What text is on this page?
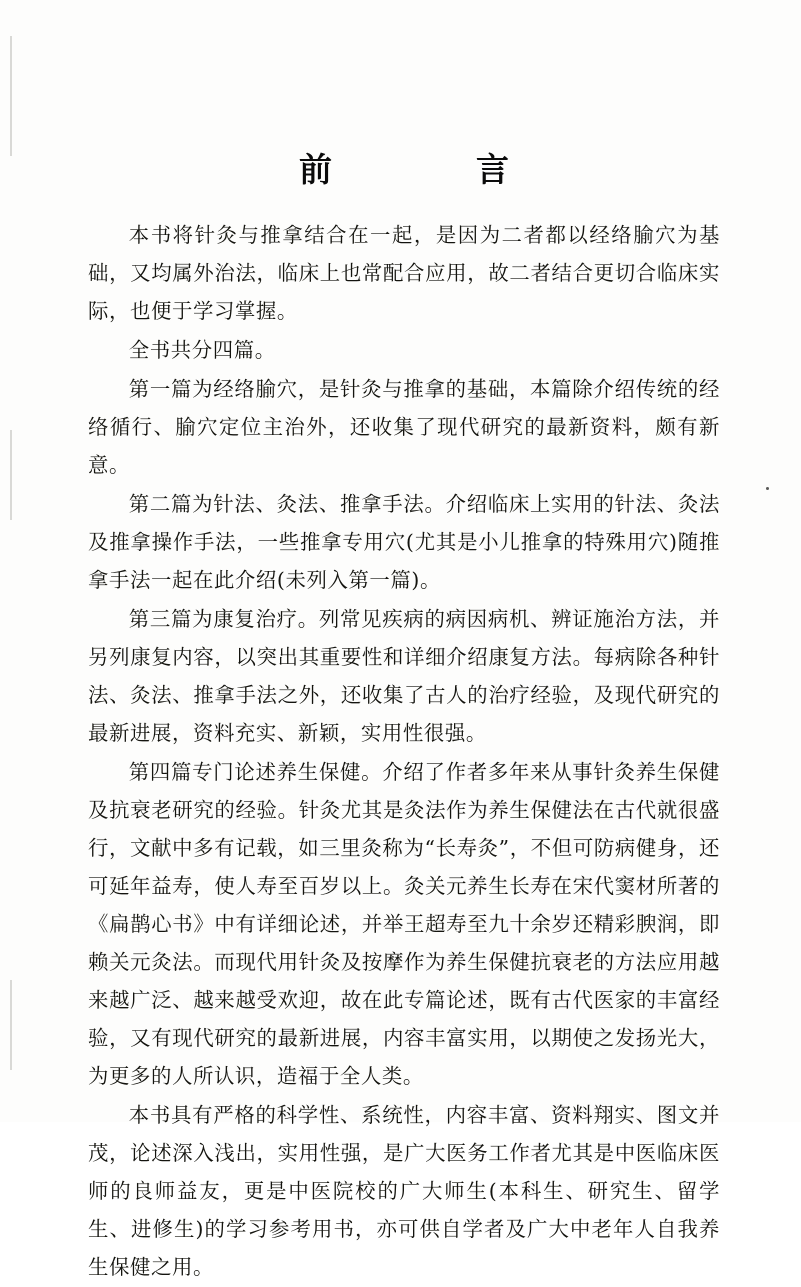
前　　言

本书将针灸与推拿结合在一起，是因为二者都以经络腧穴为基础，又均属外治法，临床上也常配合应用，故二者结合更切合临床实际，也便于学习掌握。

全书共分四篇。

第一篇为经络腧穴，是针灸与推拿的基础，本篇除介绍传统的经络循行、腧穴定位主治外，还收集了现代研究的最新资料，颇有新意。

第二篇为针法、灸法、推拿手法。介绍临床上实用的针法、灸法及推拿操作手法，一些推拿专用穴(尤其是小儿推拿的特殊用穴)随推拿手法一起在此介绍(未列入第一篇)。

第三篇为康复治疗。列常见疾病的病因病机、辨证施治方法，并另列康复内容，以突出其重要性和详细介绍康复方法。每病除各种针法、灸法、推拿手法之外，还收集了古人的治疗经验，及现代研究的最新进展，资料充实、新颖，实用性很强。

第四篇专门论述养生保健。介绍了作者多年来从事针灸养生保健及抗衰老研究的经验。针灸尤其是灸法作为养生保健法在古代就很盛行，文献中多有记载，如三里灸称为“长寿灸”，不但可防病健身，还可延年益寿，使人寿至百岁以上。灸关元养生长寿在宋代窦材所著的《扁鹊心书》中有详细论述，并举王超寿至九十余岁还精彩腴润，即赖关元灸法。而现代用针灸及按摩作为养生保健抗衰老的方法应用越来越广泛、越来越受欢迎，故在此专篇论述，既有古代医家的丰富经验，又有现代研究的最新进展，内容丰富实用，以期使之发扬光大，为更多的人所认识，造福于全人类。

本书具有严格的科学性、系统性，内容丰富、资料翔实、图文并茂，论述深入浅出，实用性强，是广大医务工作者尤其是中医临床医师的良师益友，更是中医院校的广大师生(本科生、研究生、留学生、进修生)的学习参考用书，亦可供自学者及广大中老年人自我养生保健之用。
